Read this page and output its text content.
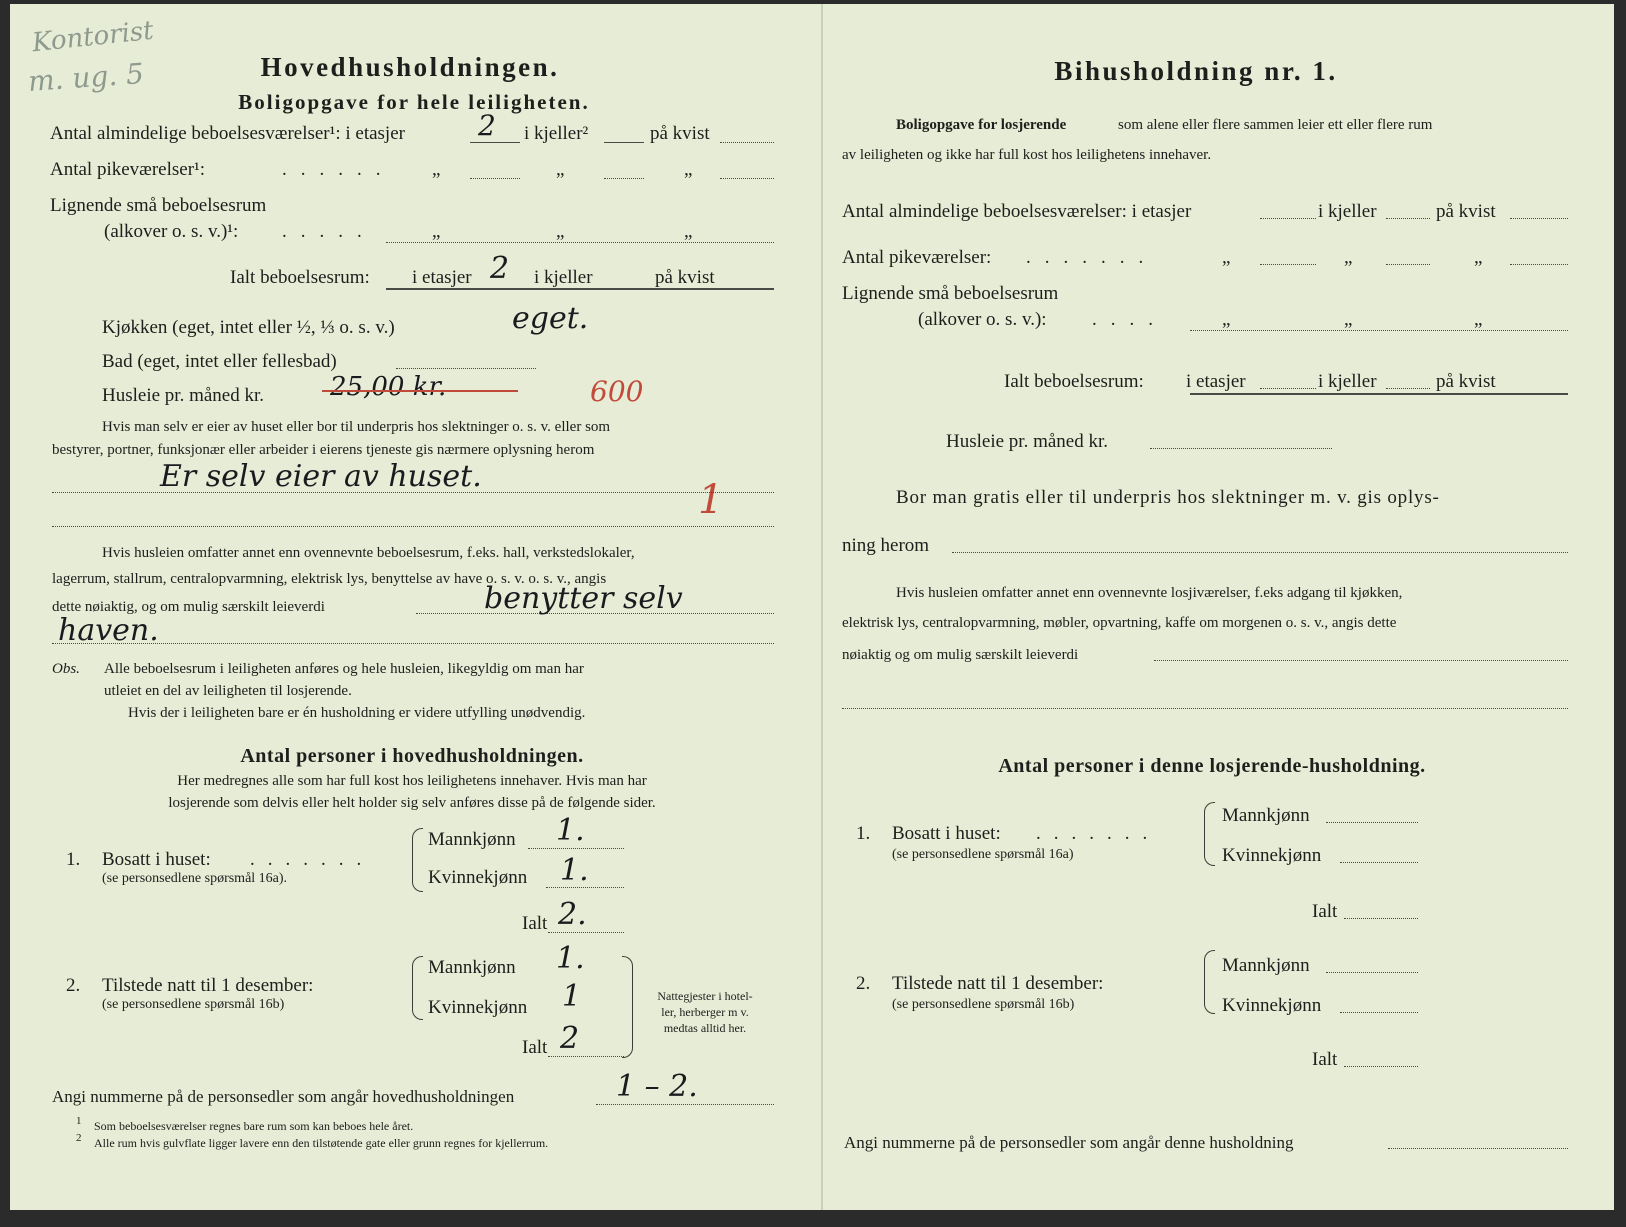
Kontorist
m. ug. 5	Hovedhusholdningen.
Boligopgave for hele leiligheten.
Antal almindelige beboelsesværelser¹: i etasjer	2 i kjeller²	på kvist
Antal pikeværelser¹:	...... „	„	„
Lignende små beboelsesrum
(alkover o. s. v.)¹: .....	„	„	„
Ialt beboelsesrum: i etasjer 2 i kjeller	på kvist
Kjøkken (eget, intet eller ½, ⅓ o. s. v.)	eget.
Bad (eget, intet eller fellesbad)
Husleie pr. måned kr.	25,00 kr.	600
Hvis man selv er eier av huset eller bor til underpris hos slektninger o. s. v. eller som
bestyrer, portner, funksjonær eller arbeider i eierens tjeneste gis nærmere oplysning herom
Er selv eier av huset.
1
Hvis husleien omfatter annet enn ovennevnte beboelsesrum, f.eks. hall, verkstedslokaler,
lagerrum, stallrum, centralopvarmning, elektrisk lys, benyttelse av have o. s. v. o. s. v., angis
dette nøiaktig, og om mulig særskilt leieverdi	benytter selv
haven.
Obs. Alle beboelsesrum i leiligheten anføres og hele husleien, likegyldig om man har
utleiet en del av leiligheten til losjerende.
Hvis der i leiligheten bare er én husholdning er videre utfylling unødvendig.
Antal personer i hovedhusholdningen.
Her medregnes alle som har full kost hos leilighetens innehaver. Hvis man har
losjerende som delvis eller helt holder sig selv anføres disse på de følgende sider.
1. Bosatt i huset: .......
(se personsedlene spørsmål 16a).
Mannkjønn 1.
Kvinnekjønn 1.
Ialt 2.
2. Tilstede natt til 1 desember:
(se personsedlene spørsmål 16b)
Mannkjønn 1.
Kvinnekjønn 1
Ialt 2
Nattegjester i hotel-
ler, herberger m v.
medtas alltid her.
Angi nummerne på de personsedler som angår hovedhusholdningen	1 – 2.
1 Som beboelsesværelser regnes bare rum som kan beboes hele året.
2 Alle rum hvis gulvflate ligger lavere enn den tilstøtende gate eller grunn regnes for kjellerrum.
Bihusholdning nr. 1.
Boligopgave for losjerende	som alene eller flere sammen leier ett eller flere rum
av leiligheten og ikke har full kost hos leilighetens innehaver.
Antal almindelige beboelsesværelser: i etasjer	i kjeller	på kvist
Antal pikeværelser: .......	„	„	„
Lignende små beboelsesrum
(alkover o. s. v.): ....	„	„	„
Ialt beboelsesrum: i etasjer	i kjeller	på kvist
Husleie pr. måned kr.
Bor man gratis eller til underpris hos slektninger m. v. gis oplys-
ning herom
Hvis husleien omfatter annet enn ovennevnte losjiværelser, f.eks adgang til kjøkken,
elektrisk lys, centralopvarmning, møbler, opvartning, kaffe om morgenen o. s. v., angis dette
nøiaktig og om mulig særskilt leieverdi
Antal personer i denne losjerende-husholdning.
1. Bosatt i huset: .......
(se personsedlene spørsmål 16a)
Mannkjønn
Kvinnekjønn
Ialt
2. Tilstede natt til 1 desember:
(se personsedlene spørsmål 16b)
Mannkjønn
Kvinnekjønn
Ialt
Angi nummerne på de personsedler som angår denne husholdning
